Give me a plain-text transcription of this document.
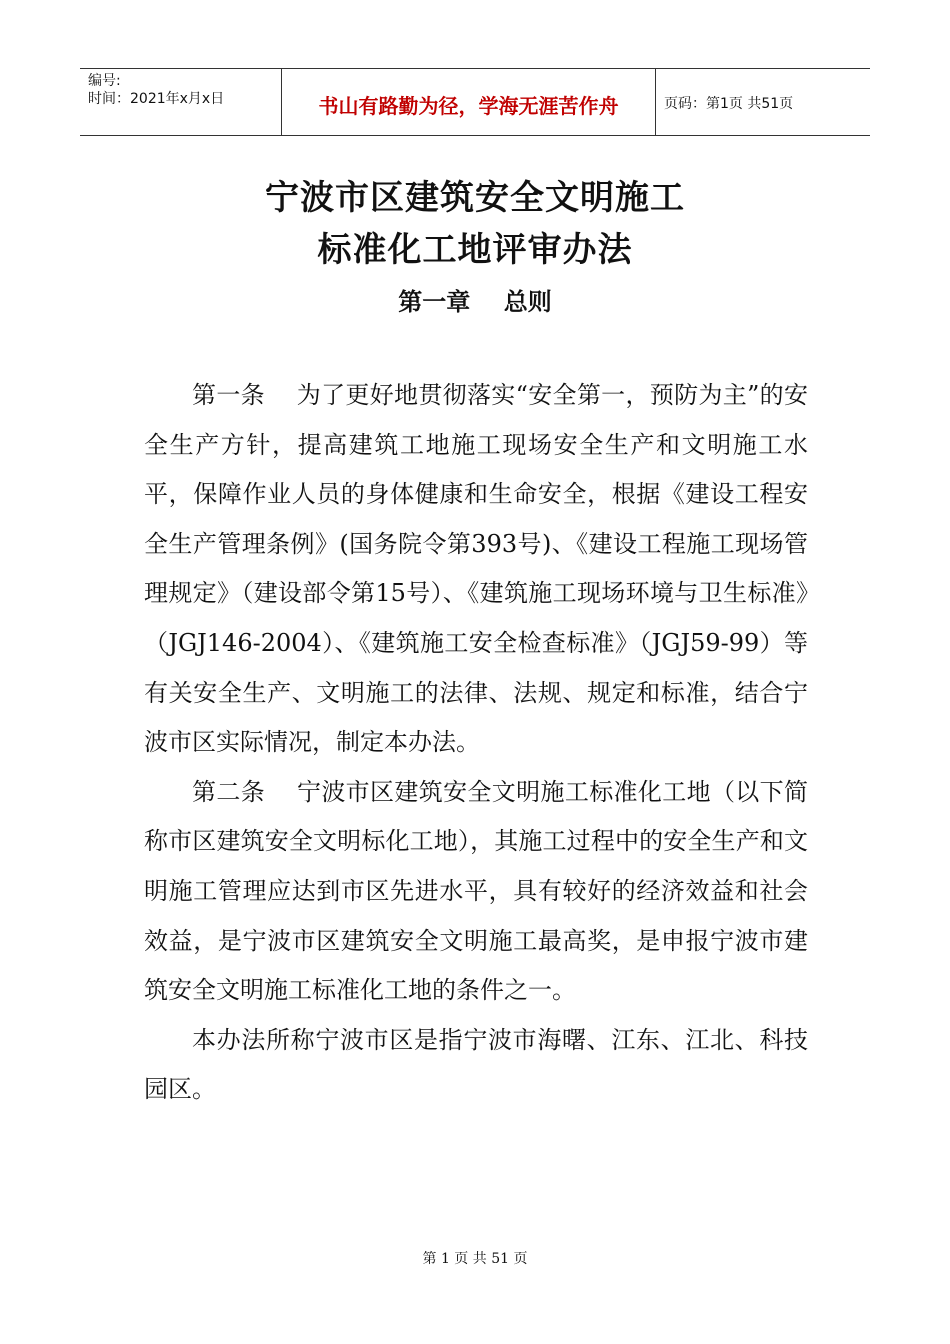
编号:
时间：2021年x月x日	书山有路勤为径，学海无涯苦作舟	页码：第1页 共51页
宁波市区建筑安全文明施工
标准化工地评审办法
第一章    总则

第一条    为了更好地贯彻落实“安全第一，预防为主”的安全生产方针，提高建筑工地施工现场安全生产和文明施工水平，保障作业人员的身体健康和生命安全，根据《建设工程安全生产管理条例》(国务院令第393号)、《建设工程施工现场管理规定》（建设部令第15号）、《建筑施工现场环境与卫生标准》（JGJ146-2004）、《建筑施工安全检查标准》（JGJ59-99）等有关安全生产、文明施工的法律、法规、规定和标准，结合宁波市区实际情况，制定本办法。

第二条    宁波市区建筑安全文明施工标准化工地（以下简称市区建筑安全文明标化工地），其施工过程中的安全生产和文明施工管理应达到市区先进水平，具有较好的经济效益和社会效益，是宁波市区建筑安全文明施工最高奖，是申报宁波市建筑安全文明施工标准化工地的条件之一。

本办法所称宁波市区是指宁波市海曙、江东、江北、科技园区。

第 1 页 共 51 页
